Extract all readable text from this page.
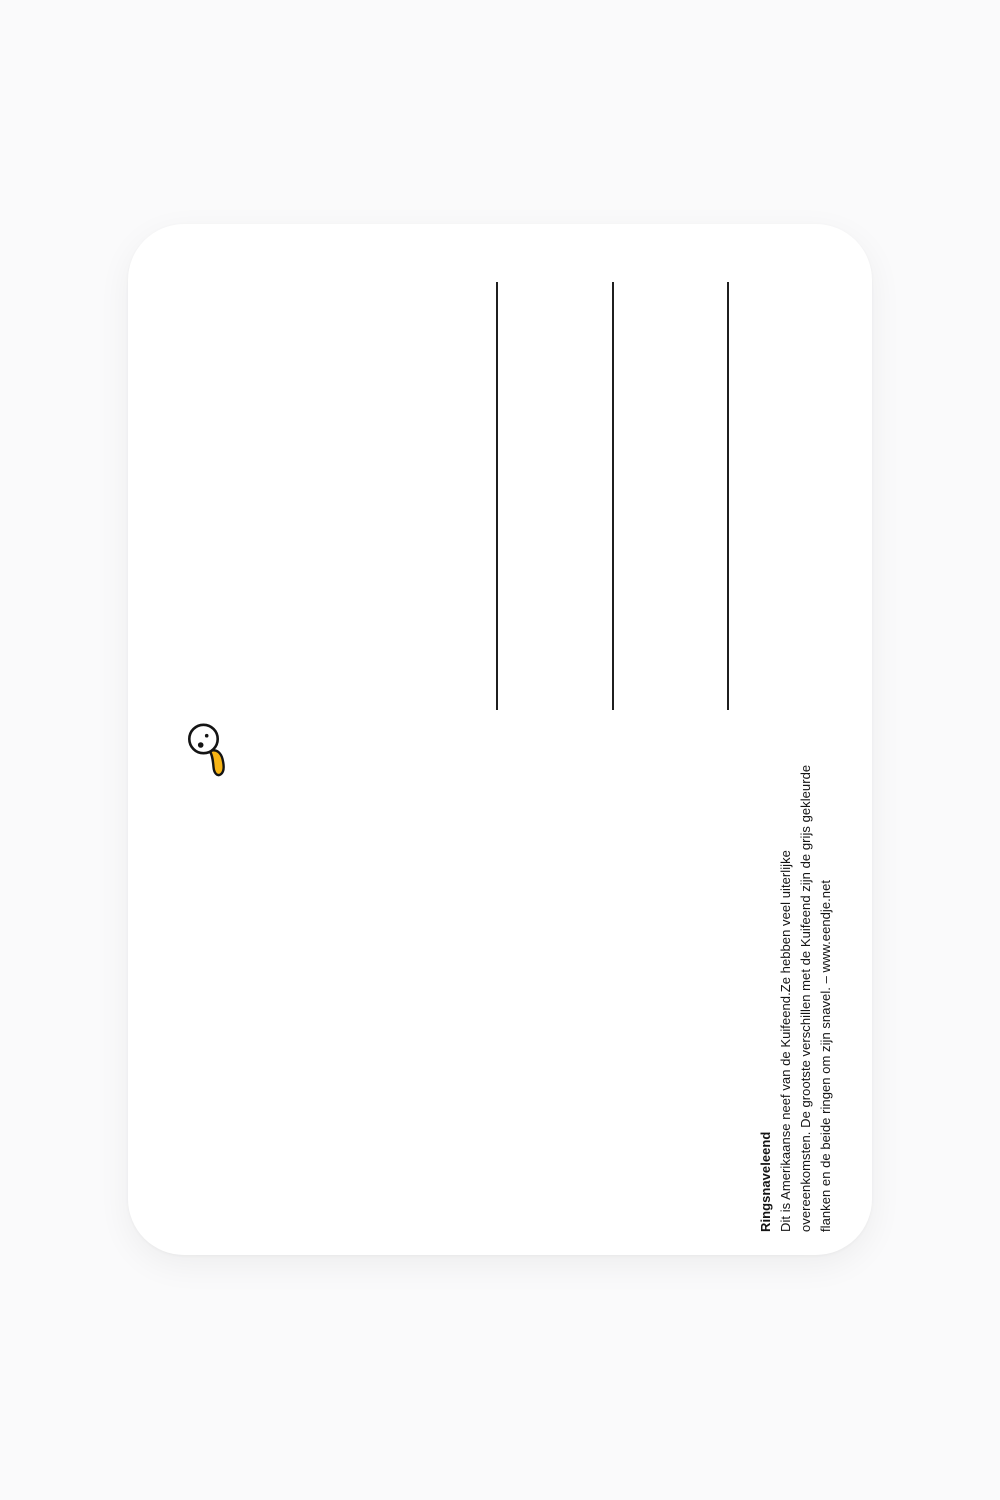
Ringsnaveleend Dit is Amerikaanse neef van de Kuifeend.Ze hebben veel uiterlijke overeenkomsten. De grootste verschillen met de Kuifeend zijn de grijs gekleurde flanken en de beide ringen om zijn snavel. – www.eendje.net
